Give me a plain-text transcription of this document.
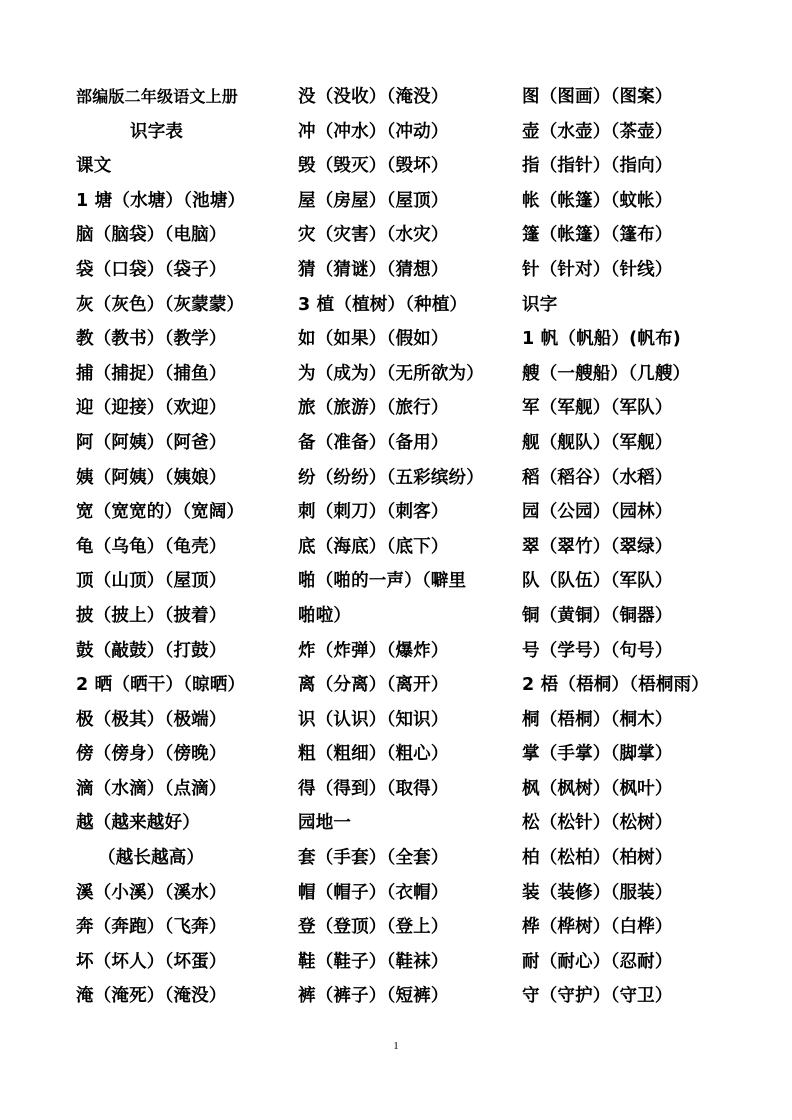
部编版二年级语文上册
识字表
课文
1 塘（水塘）（池塘）
脑（脑袋）（电脑）
袋（口袋）（袋子）
灰（灰色）（灰蒙蒙）
教（教书）（教学）
捕（捕捉）（捕鱼）
迎（迎接）（欢迎）
阿（阿姨）（阿爸）
姨（阿姨）（姨娘）
宽（宽宽的）（宽阔）
龟（乌龟）（龟壳）
顶（山顶）（屋顶）
披（披上）（披着）
鼓（敲鼓）（打鼓）
2 晒（晒干）（晾晒）
极（极其）（极端）
傍（傍身）（傍晚）
滴（水滴）（点滴）
越（越来越好）
（越长越高）
溪（小溪）（溪水）
奔（奔跑）（飞奔）
坏（坏人）（坏蛋）
淹（淹死）（淹没）
没（没收）（淹没）
冲（冲水）（冲动）
毁（毁灭）（毁坏）
屋（房屋）（屋顶）
灾（灾害）（水灾）
猜（猜谜）（猜想）
3 植（植树）（种植）
如（如果）（假如）
为（成为）（无所欲为）
旅（旅游）（旅行）
备（准备）（备用）
纷（纷纷）（五彩缤纷）
刺（刺刀）（刺客）
底（海底）（底下）
啪（啪的一声）（噼里
啪啦）
炸（炸弹）（爆炸）
离（分离）（离开）
识（认识）（知识）
粗（粗细）（粗心）
得（得到）（取得）
园地一
套（手套）（全套）
帽（帽子）（衣帽）
登（登顶）（登上）
鞋（鞋子）（鞋袜）
裤（裤子）（短裤）
图（图画）（图案）
壶（水壶）（茶壶）
指（指针）（指向）
帐（帐篷）（蚊帐）
篷（帐篷）（篷布）
针（针对）（针线）
识字
1 帆（帆船）(帆布)
艘（一艘船）（几艘）
军（军舰）（军队）
舰（舰队）（军舰）
稻（稻谷）（水稻）
园（公园）（园林）
翠（翠竹）（翠绿）
队（队伍）（军队）
铜（黄铜）（铜器）
号（学号）（句号）
2 梧（梧桐）（梧桐雨）
桐（梧桐）（桐木）
掌（手掌）（脚掌）
枫（枫树）（枫叶）
松（松针）（松树）
柏（松柏）（柏树）
装（装修）（服装）
桦（桦树）（白桦）
耐（耐心）（忍耐）
守（守护）（守卫）
1
